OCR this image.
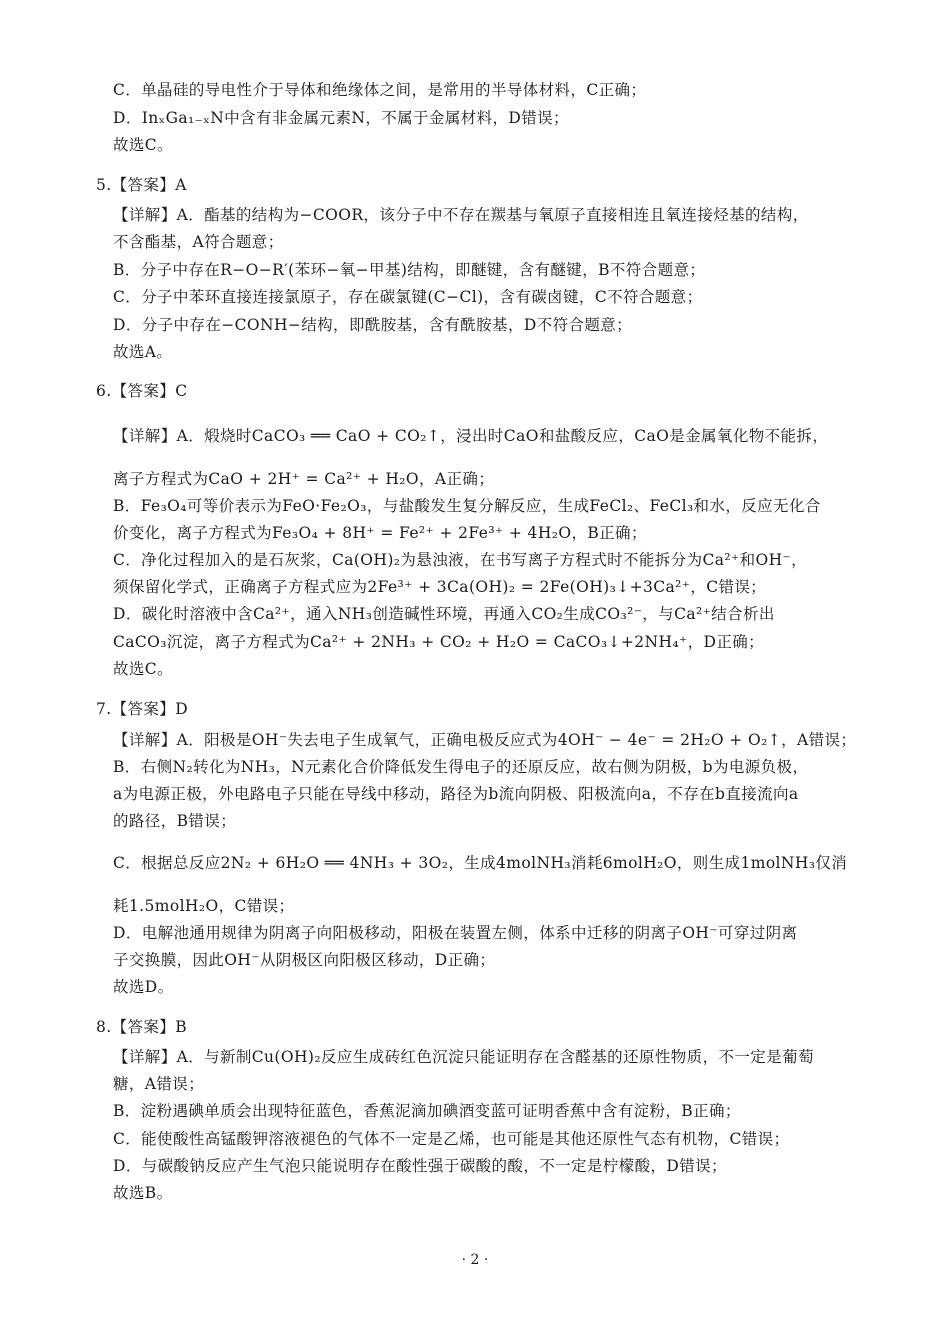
C．单晶硅的导电性介于导体和绝缘体之间，是常用的半导体材料，C正确；
D．InₓGa₁₋ₓN中含有非金属元素N，不属于金属材料，D错误；
故选C。
5.【答案】A
【详解】A．酯基的结构为−COOR，该分子中不存在羰基与氧原子直接相连且氧连接烃基的结构，
不含酯基，A符合题意；
B．分子中存在R−O−R′(苯环−氧−甲基)结构，即醚键，含有醚键，B不符合题意；
C．分子中苯环直接连接氯原子，存在碳氯键(C−Cl)，含有碳卤键，C不符合题意；
D．分子中存在−CONH−结构，即酰胺基，含有酰胺基，D不符合题意；
故选A。
6.【答案】C
【详解】A．煅烧时CaCO₃ ══ CaO + CO₂↑，浸出时CaO和盐酸反应，CaO是金属氧化物不能拆，
离子方程式为CaO + 2H⁺ = Ca²⁺ + H₂O，A正确；
B．Fe₃O₄可等价表示为FeO·Fe₂O₃，与盐酸发生复分解反应，生成FeCl₂、FeCl₃和水，反应无化合
价变化，离子方程式为Fe₃O₄ + 8H⁺ = Fe²⁺ + 2Fe³⁺ + 4H₂O，B正确；
C．净化过程加入的是石灰浆，Ca(OH)₂为悬浊液，在书写离子方程式时不能拆分为Ca²⁺和OH⁻，
须保留化学式，正确离子方程式应为2Fe³⁺ + 3Ca(OH)₂ = 2Fe(OH)₃↓+3Ca²⁺，C错误；
D．碳化时溶液中含Ca²⁺，通入NH₃创造碱性环境，再通入CO₂生成CO₃²⁻，与Ca²⁺结合析出
CaCO₃沉淀，离子方程式为Ca²⁺ + 2NH₃ + CO₂ + H₂O = CaCO₃↓+2NH₄⁺，D正确；
故选C。
7.【答案】D
【详解】A．阳极是OH⁻失去电子生成氧气，正确电极反应式为4OH⁻ − 4e⁻ = 2H₂O + O₂↑，A错误；
B．右侧N₂转化为NH₃，N元素化合价降低发生得电子的还原反应，故右侧为阴极，b为电源负极，
a为电源正极，外电路电子只能在导线中移动，路径为b流向阴极、阳极流向a，不存在b直接流向a
的路径，B错误；
C．根据总反应2N₂ + 6H₂O ══ 4NH₃ + 3O₂，生成4molNH₃消耗6molH₂O，则生成1molNH₃仅消
耗1.5molH₂O，C错误；
D．电解池通用规律为阴离子向阳极移动，阳极在装置左侧，体系中迁移的阴离子OH⁻可穿过阴离
子交换膜，因此OH⁻从阴极区向阳极区移动，D正确；
故选D。
8.【答案】B
【详解】A．与新制Cu(OH)₂反应生成砖红色沉淀只能证明存在含醛基的还原性物质，不一定是葡萄
糖，A错误；
B．淀粉遇碘单质会出现特征蓝色，香蕉泥滴加碘酒变蓝可证明香蕉中含有淀粉，B正确；
C．能使酸性高锰酸钾溶液褪色的气体不一定是乙烯，也可能是其他还原性气态有机物，C错误；
D．与碳酸钠反应产生气泡只能说明存在酸性强于碳酸的酸，不一定是柠檬酸，D错误；
故选B。
· 2 ·
